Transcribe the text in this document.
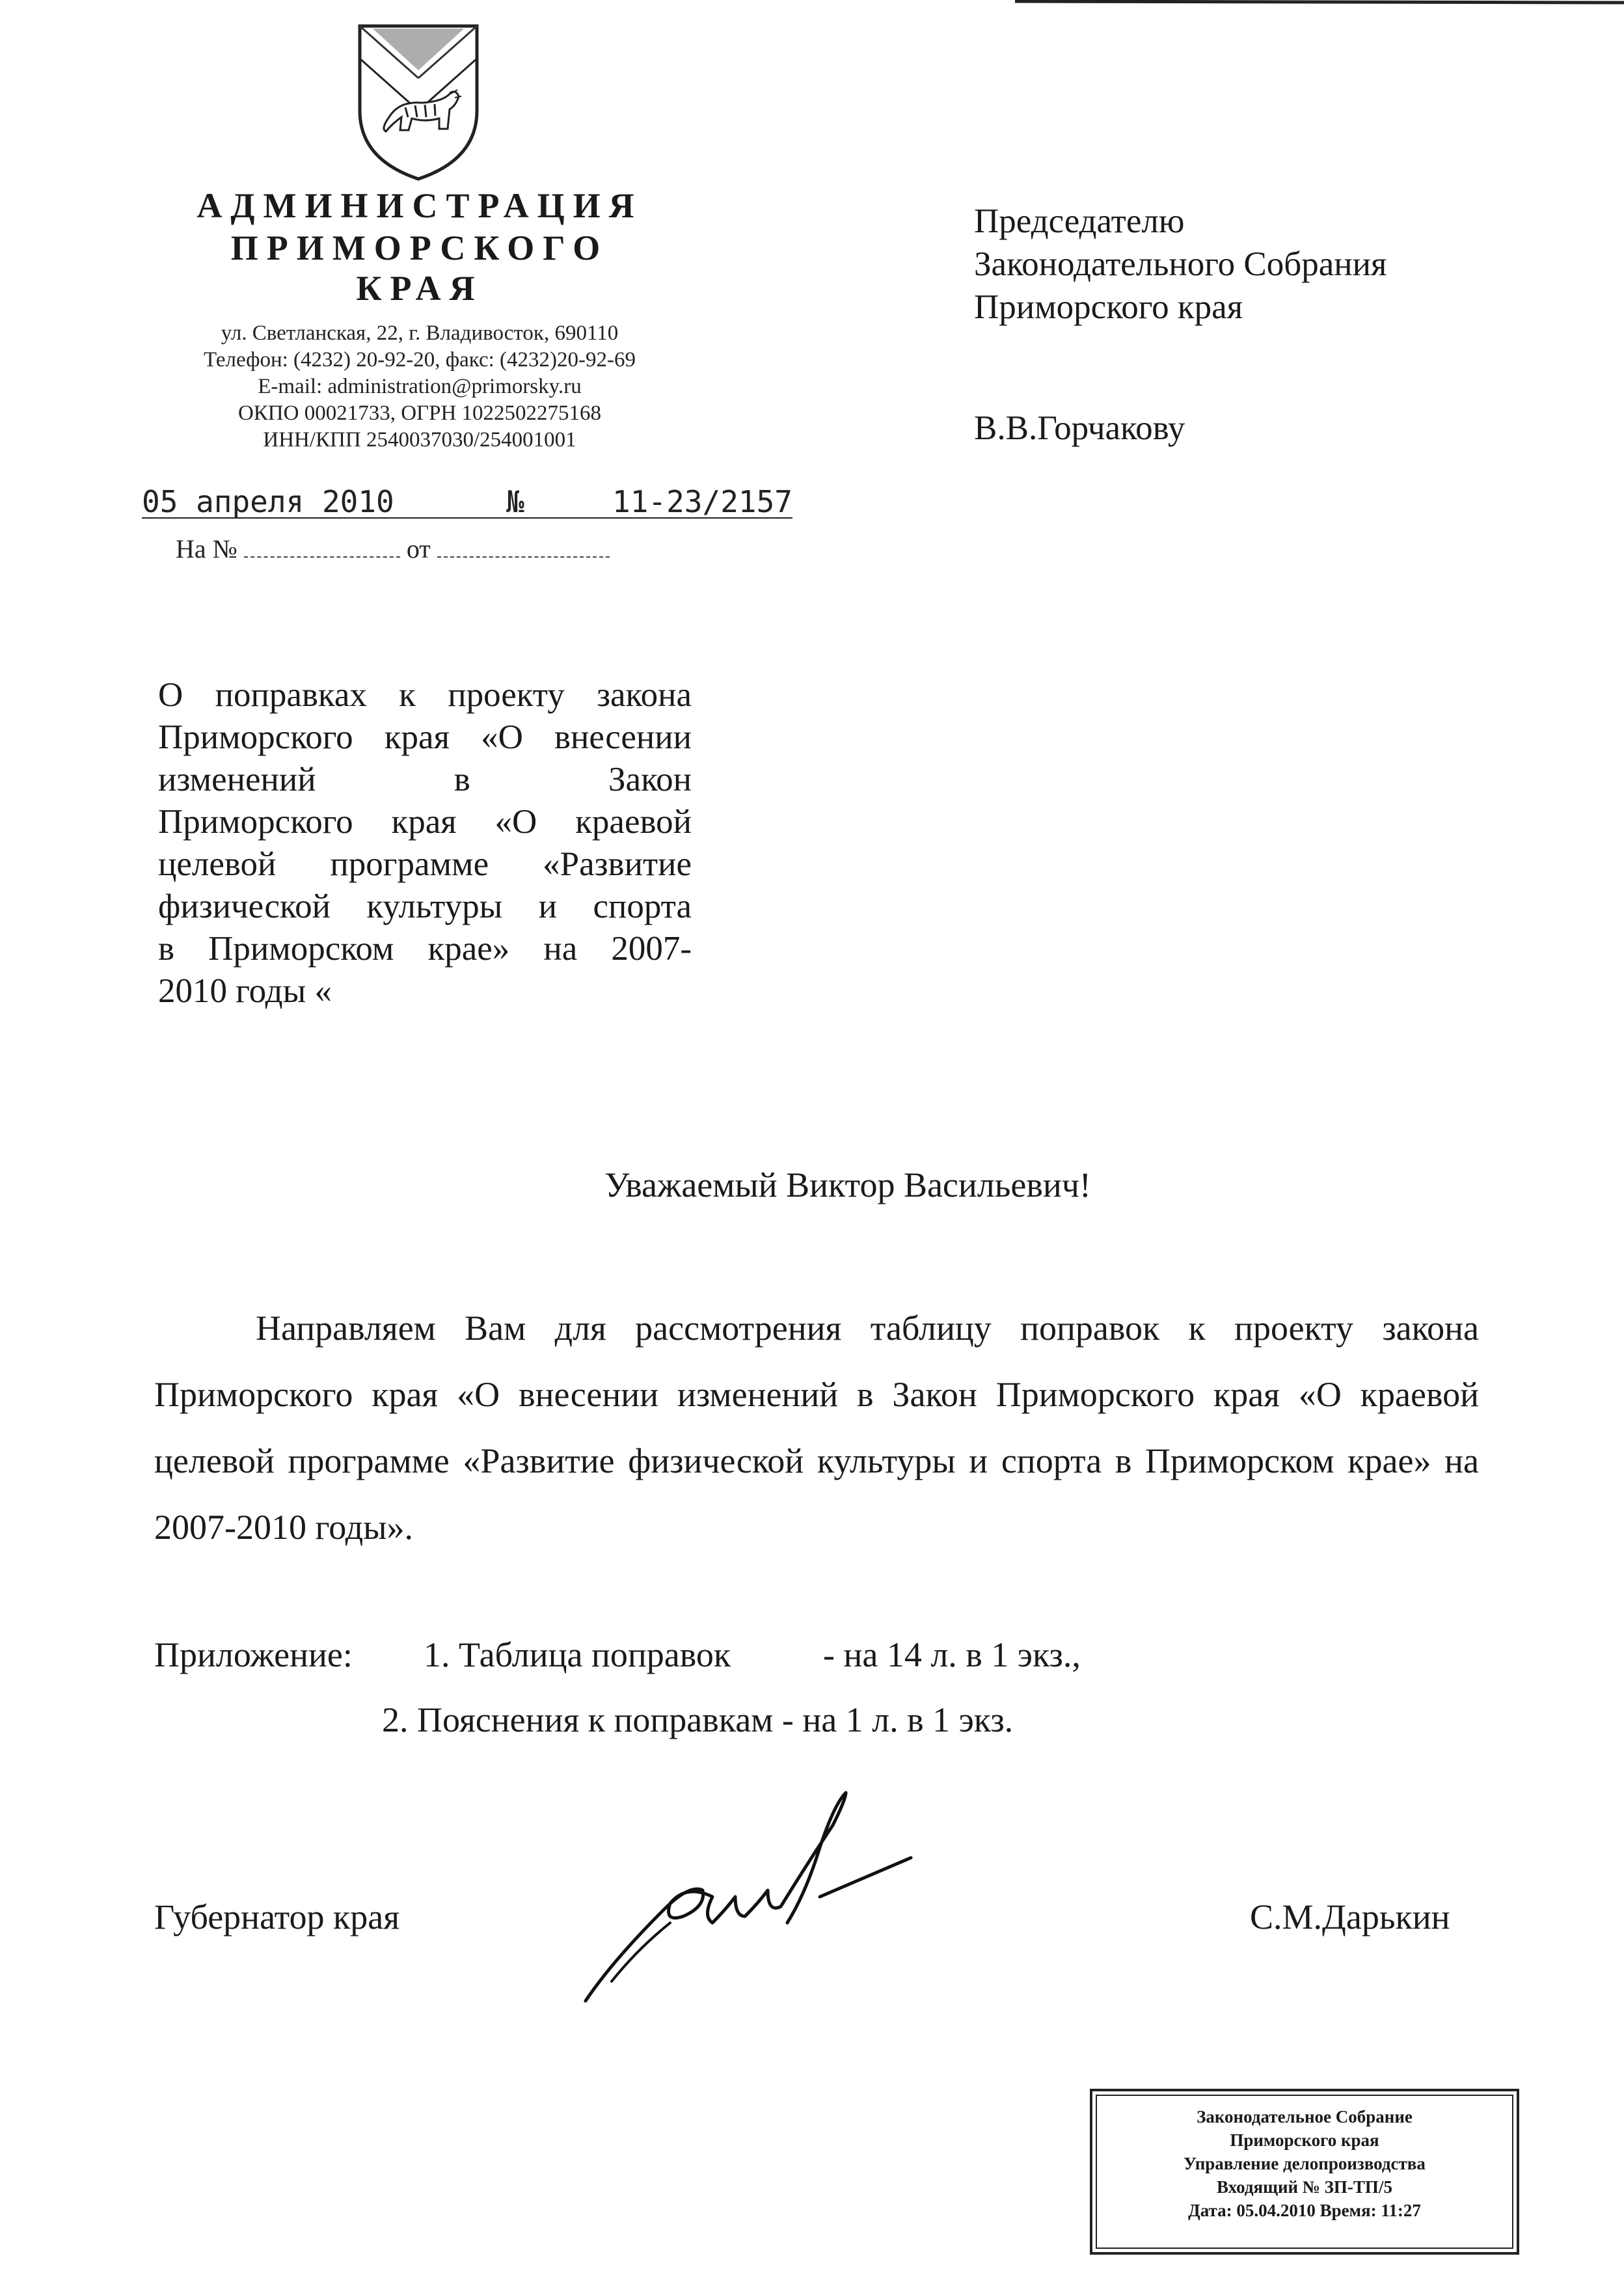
АДМИНИСТРАЦИЯ
ПРИМОРСКОГО КРАЯ
ул. Светланская, 22, г. Владивосток, 690110
Телефон: (4232) 20-92-20, факс: (4232)20-92-69
E-mail: administration@primorsky.ru
ОКПО 00021733, ОГРН 1022502275168
ИНН/КПП 2540037030/254001001
05 апреля 2010	№	11-23/2157
На №	от
Председателю
Законодательного Собрания
Приморского края
В.В.Горчакову
О поправках к проекту закона
Приморского края «О внесении
изменений в Закон
Приморского края «О краевой
целевой программе «Развитие
физической культуры и спорта
в Приморском крае» на 2007-
2010 годы «
Уважаемый Виктор Васильевич!
Направляем Вам для рассмотрения таблицу поправок к проекту закона Приморского края «О внесении изменений в Закон Приморского края «О краевой целевой программе «Развитие физической культуры и спорта в Приморском крае» на 2007-2010 годы».
Приложение: 1. Таблица поправок	- на 14 л. в 1 экз.,
2. Пояснения к поправкам - на 1 л. в 1 экз.
Губернатор края	С.М.Дарькин
Законодательное Собрание
Приморского края
Управление делопроизводства
Входящий № ЗП-ТП/5
Дата: 05.04.2010 Время: 11:27
